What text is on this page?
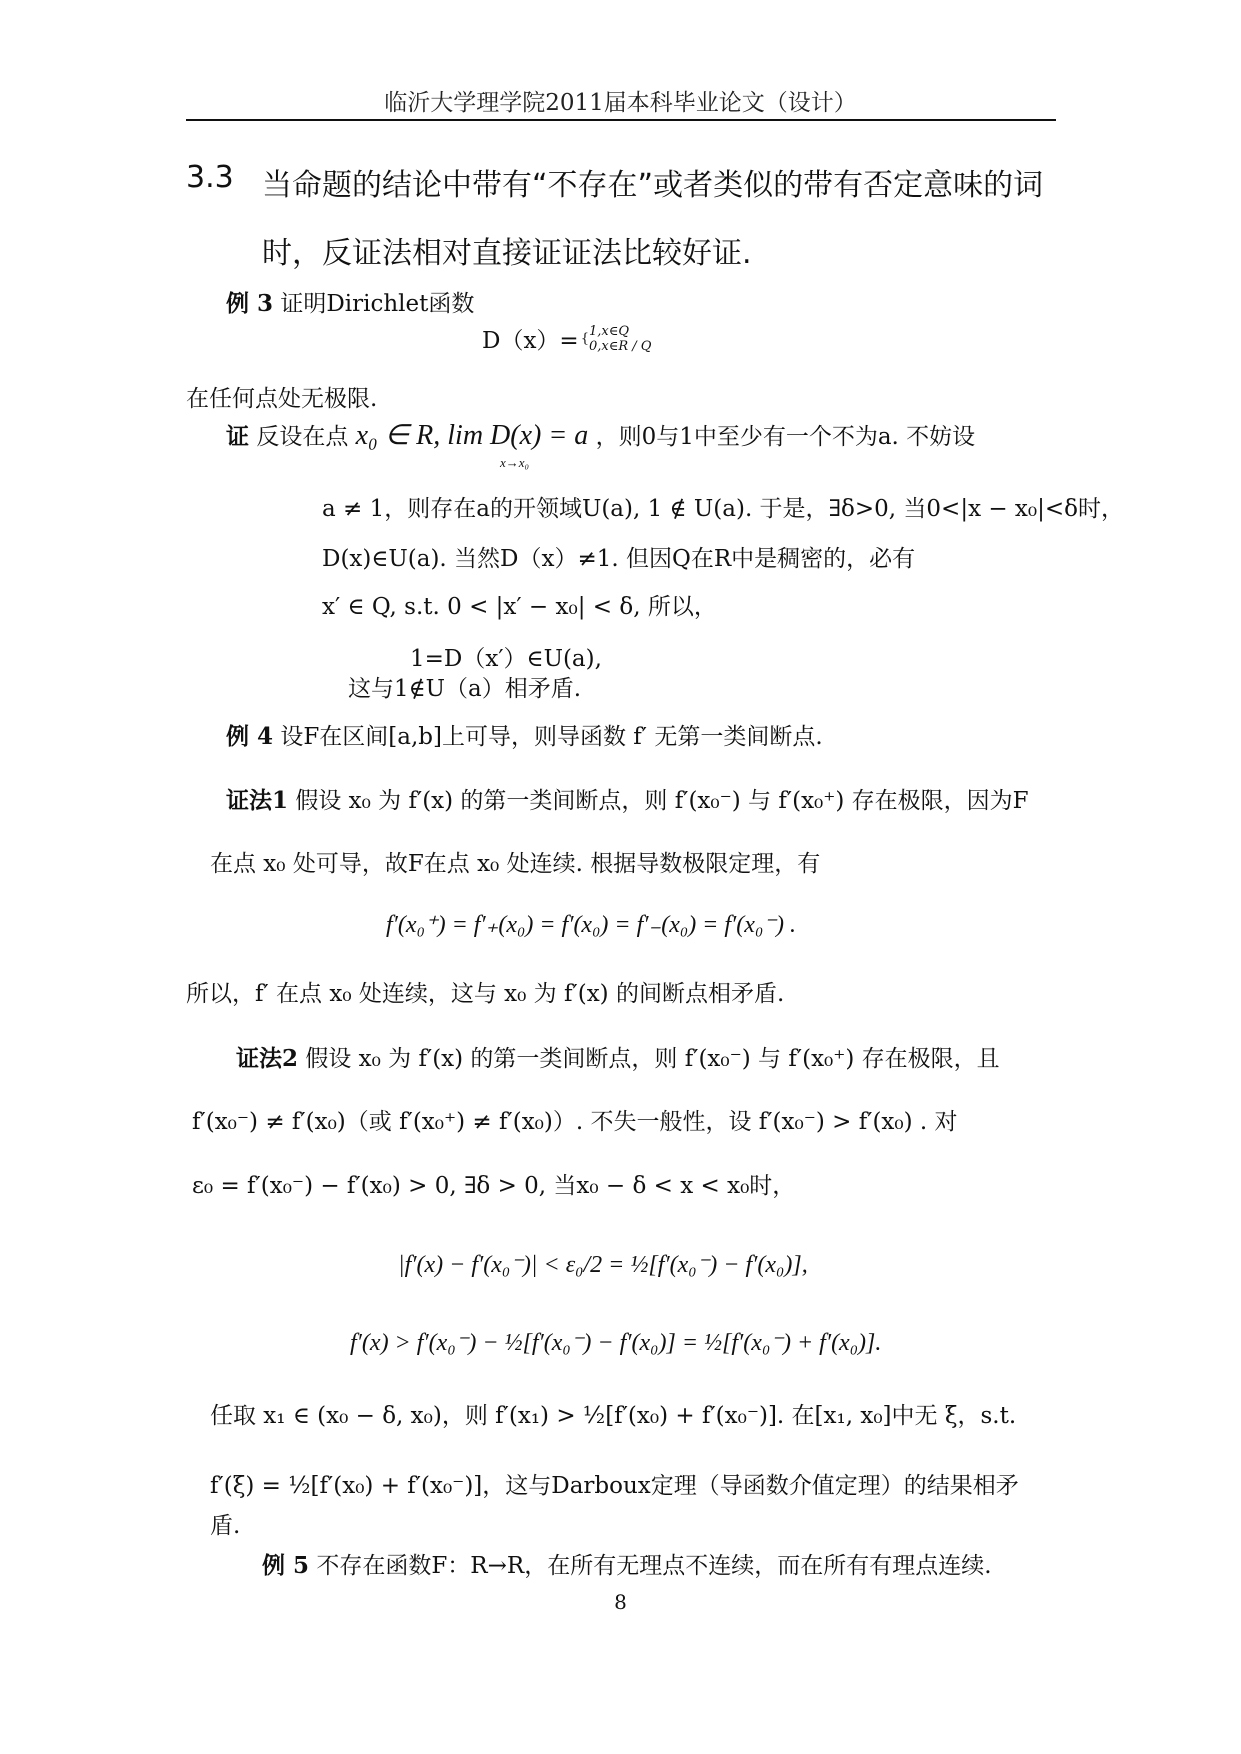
临沂大学理学院2011届本科毕业论文（设计）
3.3 当命题的结论中带有“不存在”或者类似的带有否定意味的词
时，反证法相对直接证证法比较好证.
例 3 证明Dirichlet函数
D（x）= { 1,x∈Q
0,x∈R / Q
在任何点处无极限.
证 反设在点 x₀ ∈ R, lim D(x) = a ，则0与1中至少有一个不为a. 不妨设
x→x₀
a ≠ 1，则存在a的开领域U(a), 1 ∉ U(a). 于是，∃δ>0, 当0<|x − x₀|<δ时，
D(x)∈U(a). 当然D（x）≠1. 但因Q在R中是稠密的，必有
x′ ∈ Q, s.t. 0 < |x′ − x₀| < δ, 所以，
1=D（x′）∈U(a),
这与1∉U（a）相矛盾.
例 4 设F在区间[a,b]上可导，则导函数 f′ 无第一类间断点.
证法1 假设 x₀ 为 f′(x) 的第一类间断点，则 f′(x₀⁻) 与 f′(x₀⁺) 存在极限，因为F
在点 x₀ 处可导，故F在点 x₀ 处连续. 根据导数极限定理，有
f′(x₀⁺) = f′₊(x₀) = f′(x₀) = f′₋(x₀) = f′(x₀⁻) .
所以，f′ 在点 x₀ 处连续，这与 x₀ 为 f′(x) 的间断点相矛盾.
证法2 假设 x₀ 为 f′(x) 的第一类间断点，则 f′(x₀⁻) 与 f′(x₀⁺) 存在极限，且
f′(x₀⁻) ≠ f′(x₀)（或 f′(x₀⁺) ≠ f′(x₀)）. 不失一般性，设 f′(x₀⁻) > f′(x₀) . 对
ε₀ = f′(x₀⁻) − f′(x₀) > 0, ∃δ > 0, 当x₀ − δ < x < x₀时，
|f′(x) − f′(x₀⁻)| < ε₀/2 = ½[f′(x₀⁻) − f′(x₀)],
f′(x) > f′(x₀⁻) − ½[f′(x₀⁻) − f′(x₀)] = ½[f′(x₀⁻) + f′(x₀)].
任取 x₁ ∈ (x₀ − δ, x₀)，则 f′(x₁) > ½[f′(x₀) + f′(x₀⁻)]. 在[x₁, x₀]中无 ξ，s.t.
f′(ξ) = ½[f′(x₀) + f′(x₀⁻)]，这与Darboux定理（导函数介值定理）的结果相矛
盾.
例 5 不存在函数F：R→R，在所有无理点不连续，而在所有有理点连续.
8
